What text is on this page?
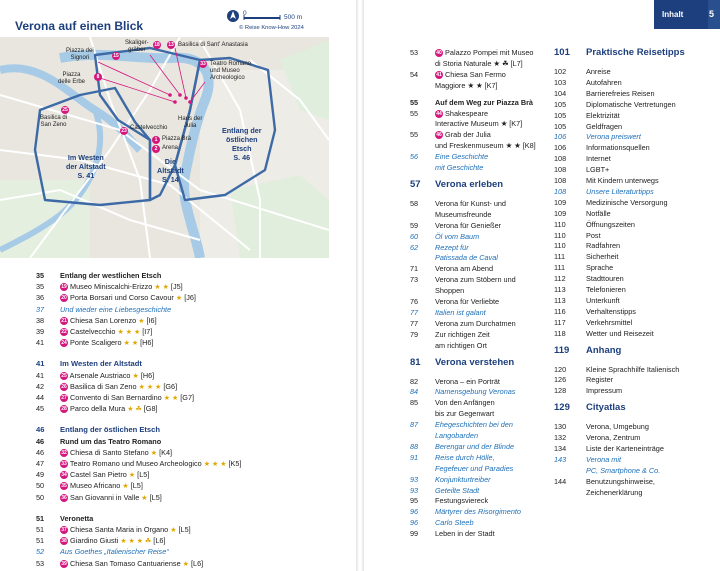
Verona auf einen Blick
0
500 m
© Reise Know-How 2024
Piazza dei
Signori	15
Skaliger-
gräber
18 13 Basilica di Sant' Anastasia
33 Teatro Romano
und Museo
Archeologico
Piazza
delle Erbe
8
25
Basilica di
San Zeno	Castelvecchio
23
Haus der
Julia
1 Piazza Brà
2 Arena
Im Westen
der Altstadt
S. 41
Die
Altstadt
S. 14
Entlang der
östlichen
Etsch
S. 46
35	Entlang der westlichen Etsch
35	19 Museo Miniscalchi-Erizzo ★ ★ [J5]
36	20 Porta Borsari und Corso Cavour ★ [J6]
37	Und wieder eine Liebesgeschichte
38	21 Chiesa San Lorenzo ★ [I6]
39	22 Castelvecchio ★ ★ ★ [I7]
41	24 Ponte Scaligero ★ ★ [H6]
41	Im Westen der Altstadt
41	25 Arsenale Austriaco ★ [H6]
42	26 Basilica di San Zeno ★ ★ ★ [G6]
44	27 Convento di San Bernardino ★ ★ [G7]
45	28 Parco della Mura ★ ☘ [G8]
46	Entlang der östlichen Etsch
46	Rund um das Teatro Romano
46	32 Chiesa di Santo Stefano ★ [K4]
47	33 Teatro Romano und Museo Archeologico ★ ★ ★ [K5]
49	34 Castel San Pietro ★ [L5]
50	35 Museo Africano ★ [L5]
50	36 San Giovanni in Valle ★ [L5]
51	Veronetta
51	37 Chiesa Santa Maria in Organo ★ [L5]
51	38 Giardino Giusti ★ ★ ★ ☘ [L6]
52	Aus Goethes „Italienischer Reise“
53	39 Chiesa San Tomaso Cantuariense ★ [L6]
Inhalt	5
53	40 Palazzo Pompei mit Museo
di Storia Naturale ★ ☘ [L7]
54	41 Chiesa San Fermo
Maggiore ★ ★ [K7]
55	Auf dem Weg zur Piazza Brà
55	44 Shakespeare
Interactive Museum ★ [K7]
55	46 Grab der Julia
und Freskenmuseum ★ ★ [K8]
56	Eine Geschichte
mit Geschichte
57	Verona erleben
58	Verona für Kunst- und
Museumsfreunde
59	Verona für Genießer
60	Öl vom Baum
62	Rezept für
Patissada de Caval
71	Verona am Abend
73	Verona zum Stöbern und
Shoppen
76	Verona für Verliebte
77	Italien ist galant
77	Verona zum Durchatmen
79	Zur richtigen Zeit
am richtigen Ort
81	Verona verstehen
82	Verona – ein Porträt
84	Namensgebung Veronas
85	Von den Anfängen
bis zur Gegenwart
87	Ehegeschichten bei den
Langobarden
88	Berengar und der Blinde
91	Reise durch Hölle,
Fegefeuer und Paradies
93	Konjunkturtreiber
93	Geteilte Stadt
95	Festungsviereck
96	Märtyrer des Risorgimento
96	Carlo Steeb
99	Leben in der Stadt
101	Praktische Reisetipps
102	Anreise
103	Autofahren
104	Barrierefreies Reisen
105	Diplomatische Vertretungen
105	Elektrizität
105	Geldfragen
106	Verona preiswert
106	Informationsquellen
108	Internet
108	LGBT+
108	Mit Kindern unterwegs
108	Unsere Literaturtipps
109	Medizinische Versorgung
109	Notfälle
110	Öffnungszeiten
110	Post
110	Radfahren
111	Sicherheit
111	Sprache
112	Stadttouren
113	Telefonieren
113	Unterkunft
116	Verhaltenstipps
117	Verkehrsmittel
118	Wetter und Reisezeit
119	Anhang
120	Kleine Sprachhilfe Italienisch
126	Register
128	Impressum
129	Cityatlas
130	Verona, Umgebung
132	Verona, Zentrum
134	Liste der Karteneinträge
143	Verona mit
PC, Smartphone & Co.
144	Benutzungshinweise,
Zeichenerklärung
